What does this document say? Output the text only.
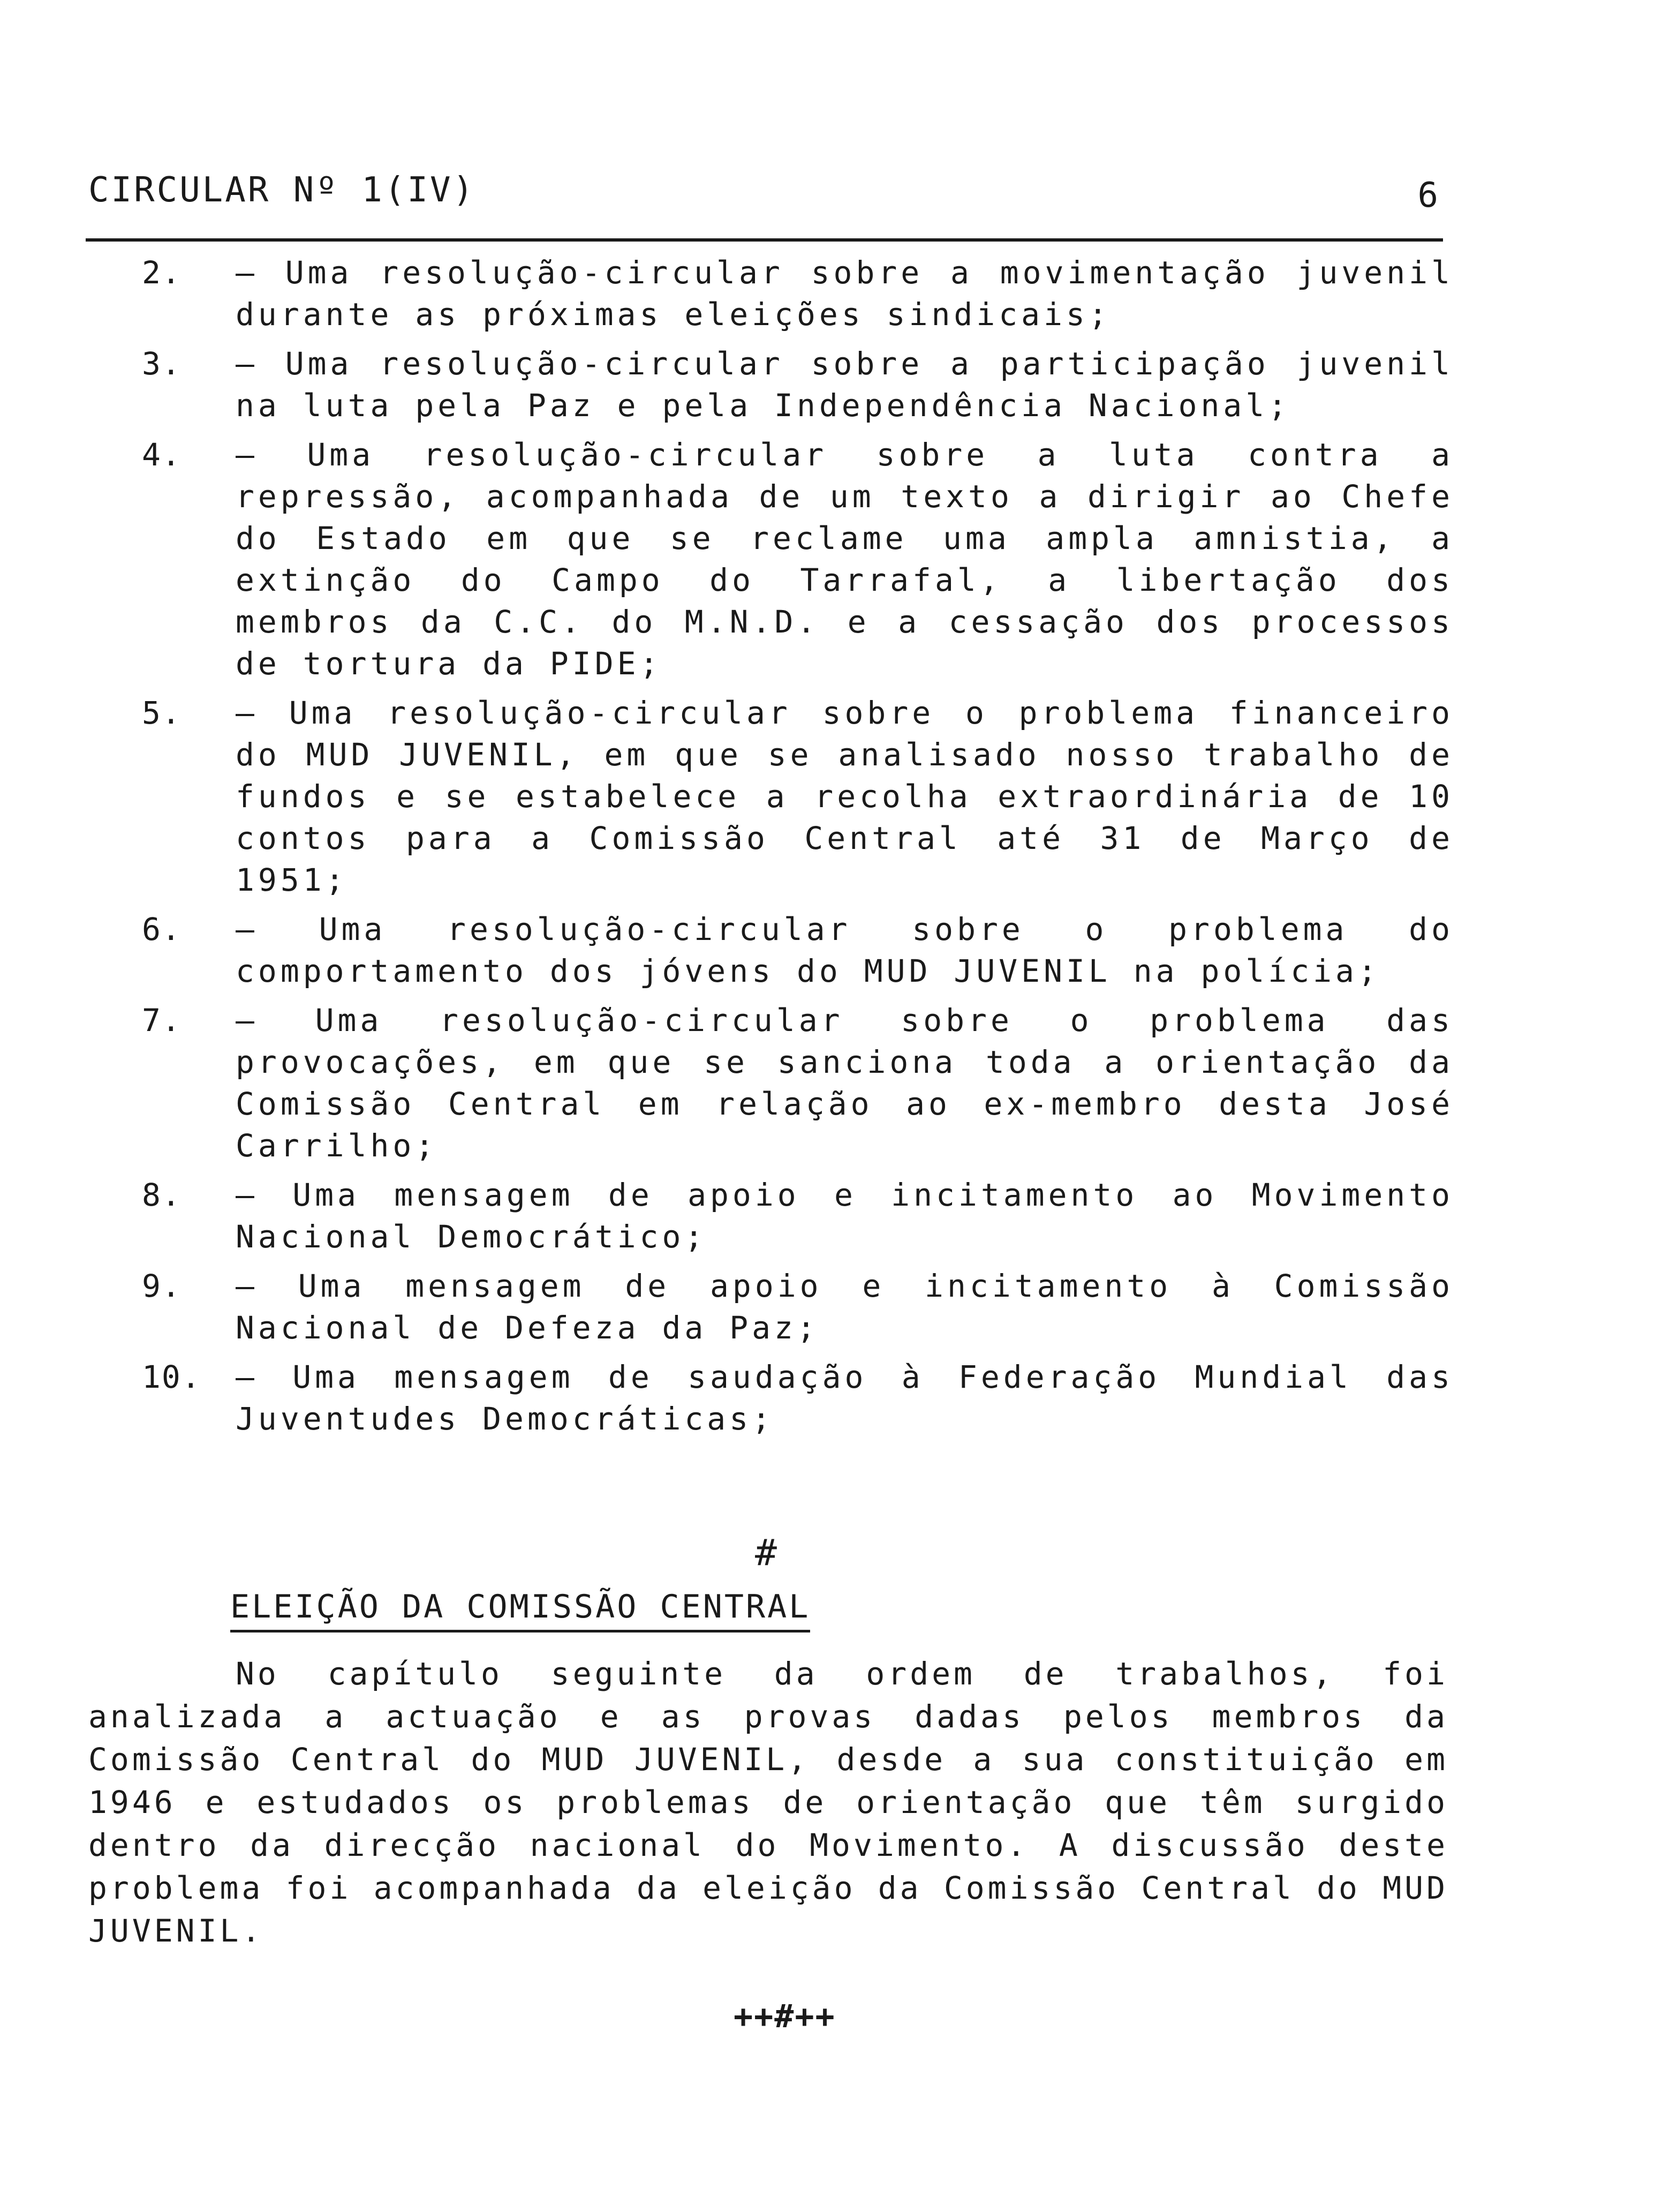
CIRCULAR Nº 1(IV)	6
2.	– Uma resolução-circular sobre a movimentação juvenil durante as próximas eleições sindicais;
3.	– Uma resolução-circular sobre a participação juvenil na luta pela Paz e pela Independência Nacional;
4.	– Uma resolução-circular sobre a luta contra a repressão, acompanhada de um texto a dirigir ao Chefe do Estado em que se reclame uma ampla amnistia, a extinção do Campo do Tarrafal, a libertação dos membros da C.C. do M.N.D. e a cessação dos processos de tortura da PIDE;
5.	– Uma resolução-circular sobre o problema financeiro do MUD JUVENIL, em que se analisado nosso trabalho de fundos e se estabelece a recolha extraordinária de 10 contos para a Comissão Central até 31 de Março de 1951;
6.	– Uma resolução-circular sobre o problema do comportamento dos jóvens do MUD JUVENIL na polícia;
7.	– Uma resolução-circular sobre o problema das provocações, em que se sanciona toda a orientação da Comissão Central em relação ao ex-membro desta José Carrilho;
8.	– Uma mensagem de apoio e incitamento ao Movimento Nacional Democrático;
9.	– Uma mensagem de apoio e incitamento à Comissão Nacional de Defeza da Paz;
10.	– Uma mensagem de saudação à Federação Mundial das Juventudes Democráticas;
#
ELEIÇÃO DA COMISSÃO CENTRAL
No capítulo seguinte da ordem de trabalhos, foi analizada a actuação e as provas dadas pelos membros da Comissão Central do MUD JUVENIL, desde a sua constituição em 1946 e estudados os problemas de orientação que têm surgido dentro da direcção nacional do Movimento. A discussão deste problema foi acompanhada da eleição da Comissão Central do MUD JUVENIL.
++#++
